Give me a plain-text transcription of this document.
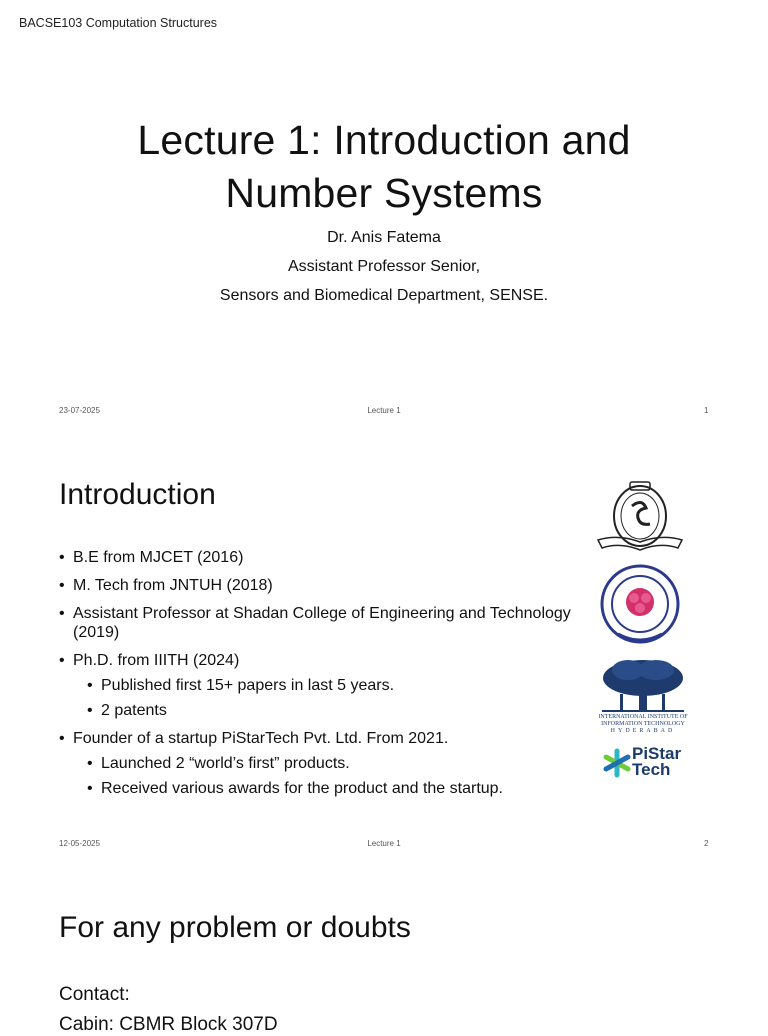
BACSE103 Computation Structures
Lecture 1: Introduction and
Number Systems
Dr. Anis Fatema
Assistant Professor Senior,
Sensors and Biomedical Department, SENSE.
23-07-2025	Lecture 1	1
Introduction
• B.E from MJCET (2016)
• M. Tech from JNTUH (2018)
• Assistant Professor at Shadan College of Engineering and Technology (2019)
• Ph.D. from IIITH (2024)
• Published first 15+ papers in last 5 years.
• 2 patents
• Founder of a startup PiStarTech Pvt. Ltd. From 2021.
• Launched 2 “world’s first” products.
• Received various awards for the product and the startup.
INTERNATIONAL INSTITUTE OF
INFORMATION TECHNOLOGY
HYDERABAD
PiStar
Tech
12-05-2025	Lecture 1	2
For any problem or doubts
Contact:
Cabin: CBMR Block 307D
